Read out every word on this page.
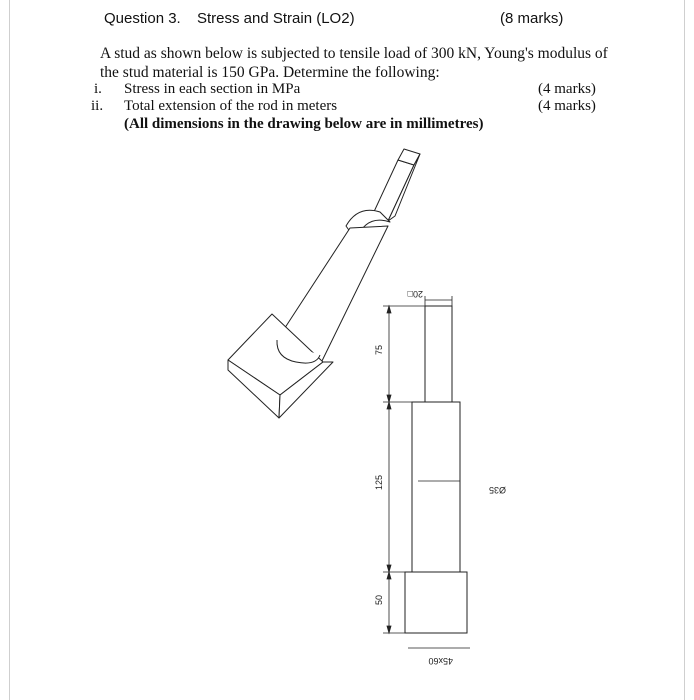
Question 3. Stress and Strain (LO2)	(8 marks)
A stud as shown below is subjected to tensile load of 300 kN, Young's modulus of
the stud material is 150 GPa. Determine the following:
i. Stress in each section in MPa	(4 marks)
ii. Total extension of the rod in meters	(4 marks)
(All dimensions in the drawing below are in millimetres)
20□
Ø35
45x60
75
125
50
